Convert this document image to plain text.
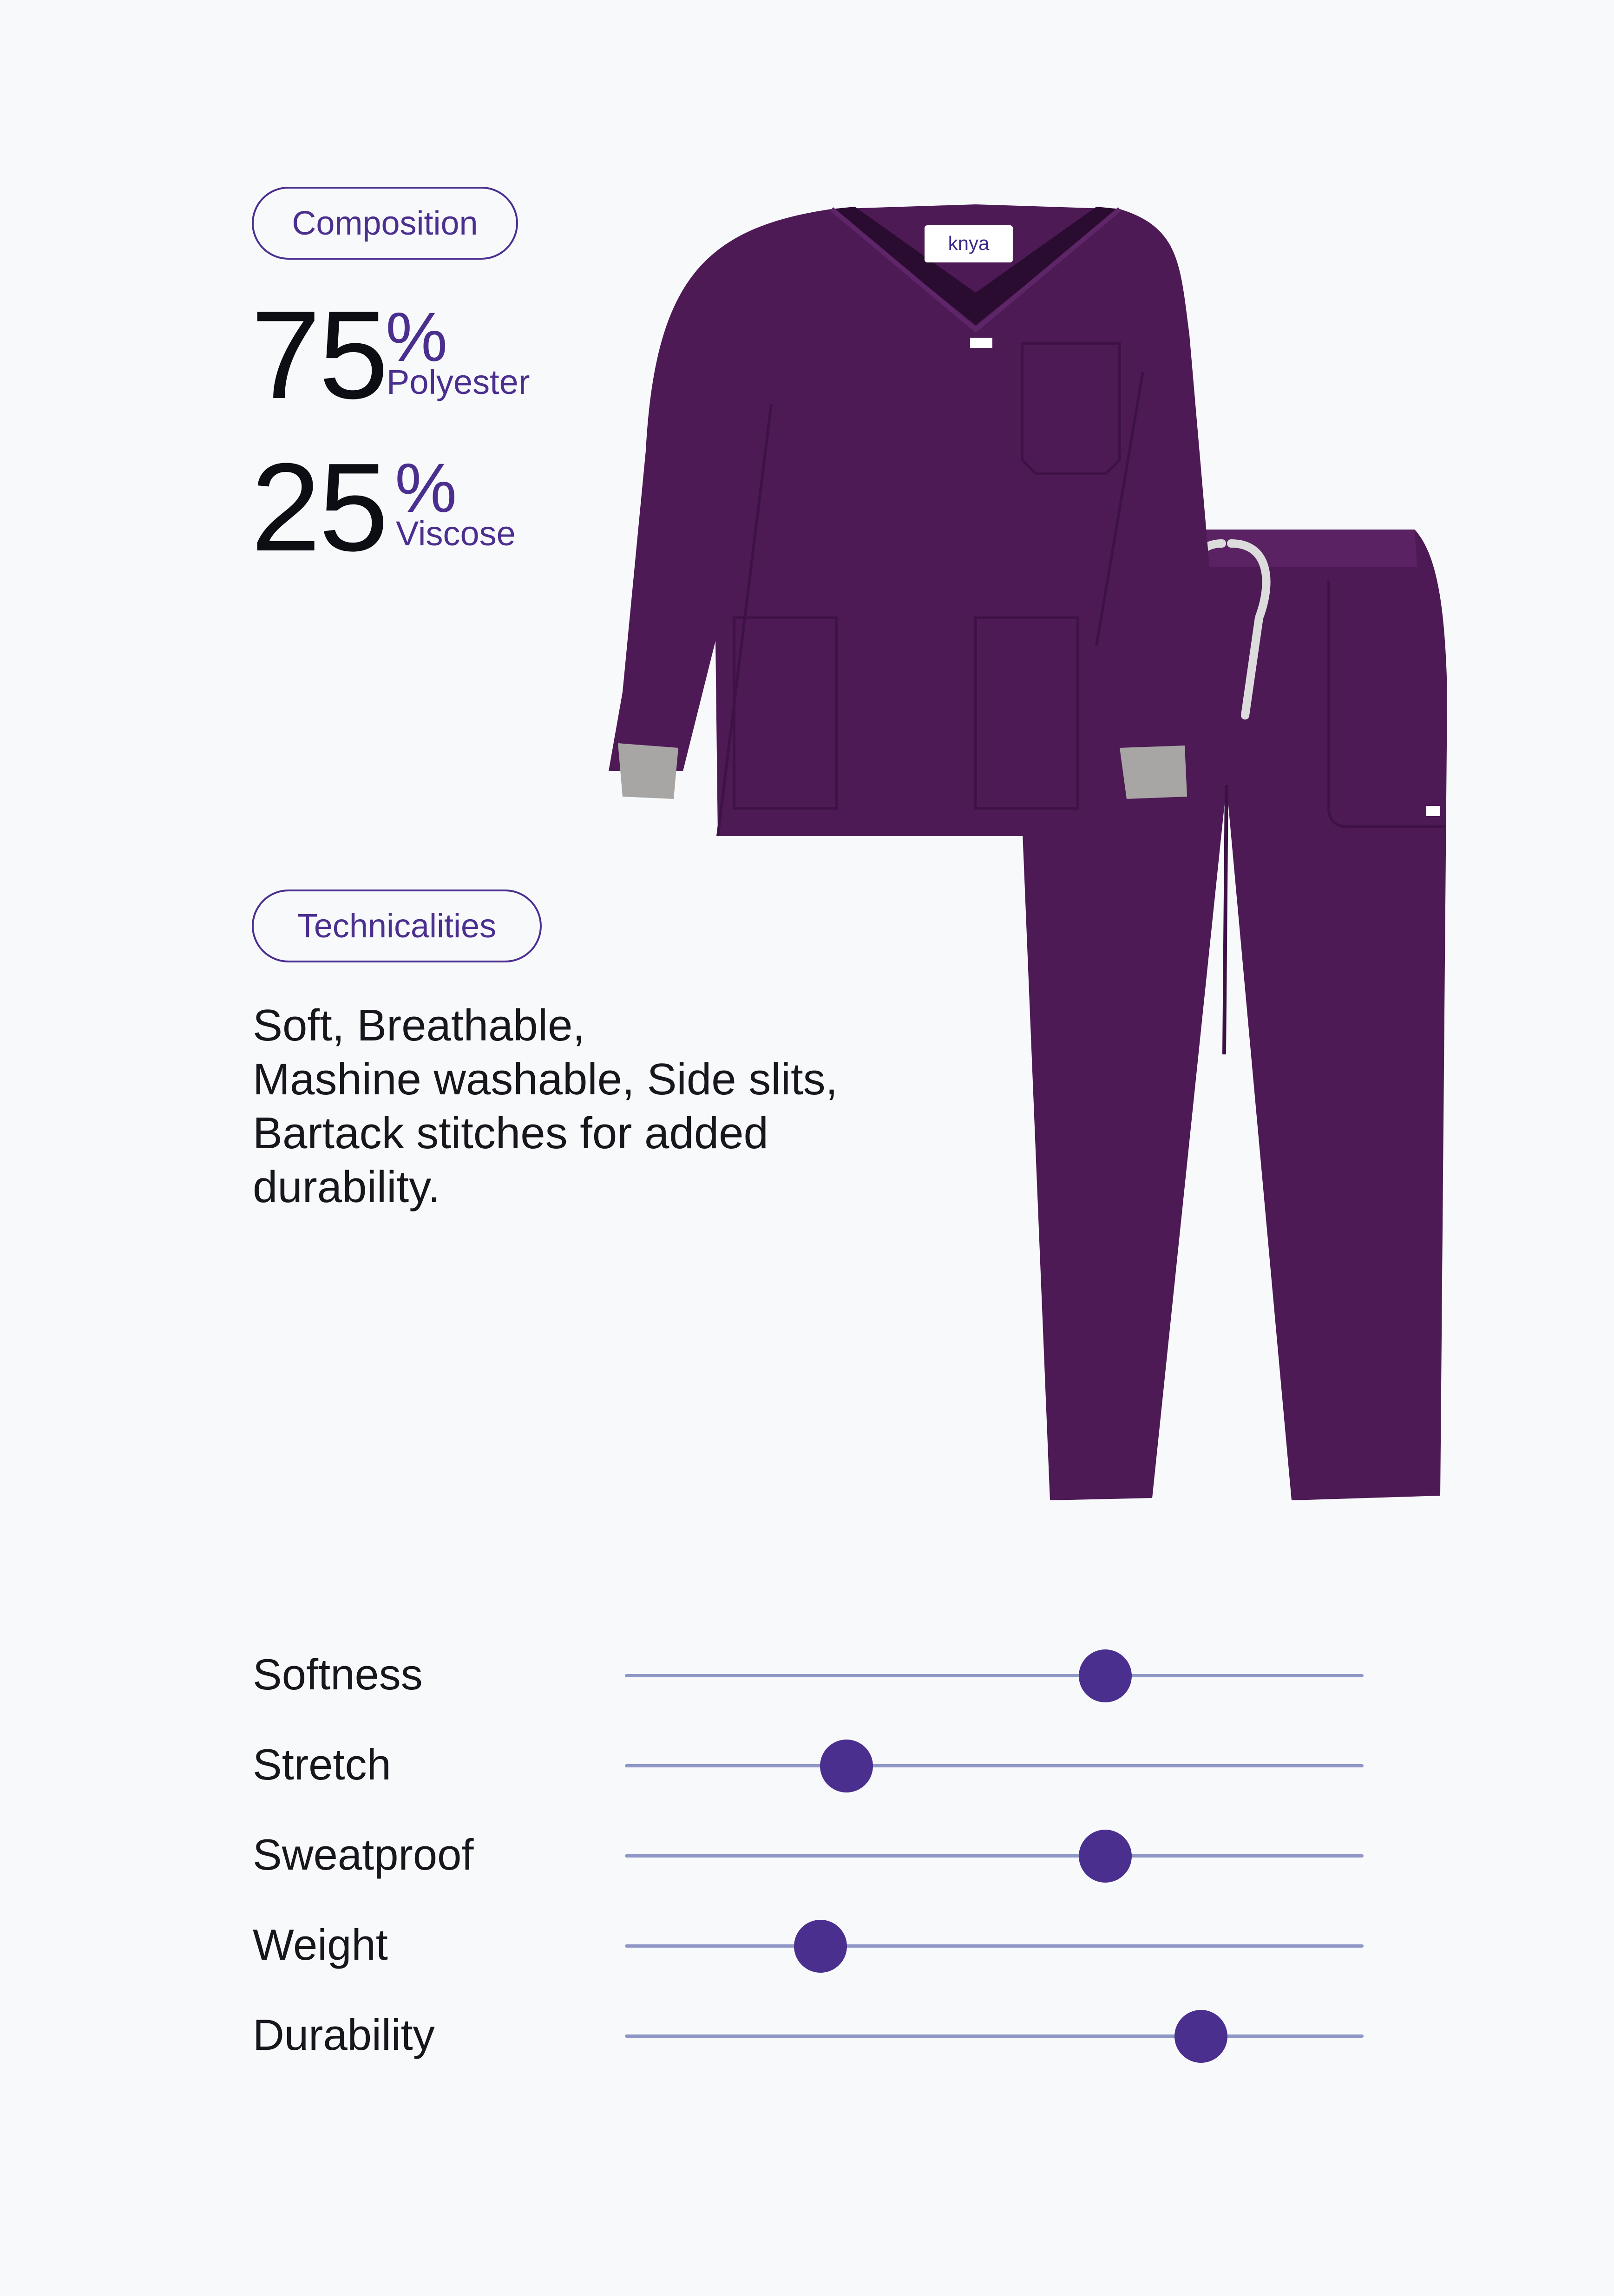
Composition
75
%
Polyester
25 %
Viscose
Technicalities

Soft, Breathable,
Mashine washable, Side slits,
Bartack stitches for added
durability.

knya
Softness
Stretch
Sweatproof
Weight
Durability
